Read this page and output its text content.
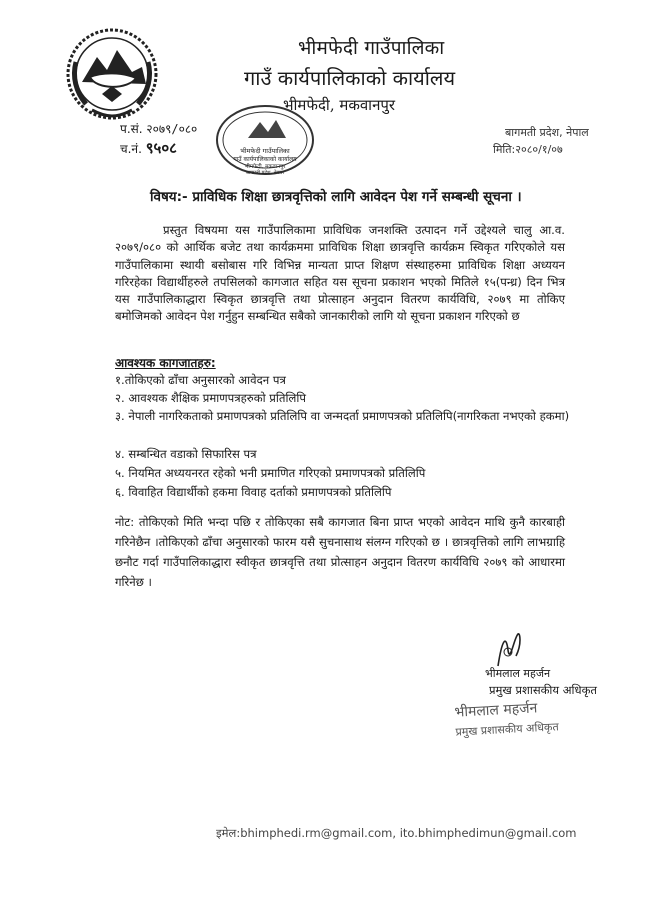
भीमफेदी गाउँपालिका
गाउँ कार्यपालिकाको कार्यालय
भीमफेदी, मकवानपुर
भीमफेदी गाउँपालिका
गाउँ कार्यपालिकाको कार्यालय
भीमफेदी, मकवानपुर
बागमती प्रदेश, नेपाल
प.सं. २०७९/०८०
च.नं. ९५०८
बागमती प्रदेश, नेपाल
मिति:२०८०/१/०७
विषय:- प्राविधिक शिक्षा छात्रवृत्तिको लागि आवेदन पेश गर्ने सम्बन्धी सूचना ।
प्रस्तुत विषयमा यस गाउँपालिकामा प्राविधिक जनशक्ति उत्पादन गर्ने उद्देश्यले चालु आ.व. २०७९/०८० को आर्थिक बजेट तथा कार्यक्रममा प्राविधिक शिक्षा छात्रवृत्ति कार्यक्रम स्विकृत गरिएकोले यस गाउँपालिकामा स्थायी बसोबास गरि विभिन्न मान्यता प्राप्त शिक्षण संस्थाहरुमा प्राविधिक शिक्षा अध्ययन गरिरहेका विद्यार्थीहरुले तपसिलको कागजात सहित यस सूचना प्रकाशन भएको मितिले १५(पन्ध्र) दिन भित्र यस गाउँपालिकाद्धारा स्विकृत छात्रवृत्ति तथा प्रोत्साहन अनुदान वितरण कार्यविधि, २०७९ मा तोकिए बमोजिमको आवेदन पेश गर्नुहुन सम्बन्धित सबैको जानकारीको लागि यो सूचना प्रकाशन गरिएको छ
आवश्यक कागजातहरु:
१.तोकिएको ढाँचा अनुसारको आवेदन पत्र
२. आवश्यक शैक्षिक प्रमाणपत्रहरुको प्रतिलिपि
३. नेपाली नागरिकताको प्रमाणपत्रको प्रतिलिपि वा जन्मदर्ता प्रमाणपत्रको प्रतिलिपि(नागरिकता नभएको हकमा)
४. सम्बन्धित वडाको सिफारिस पत्र
५. नियमित अध्ययनरत रहेको भनी प्रमाणित गरिएको प्रमाणपत्रको प्रतिलिपि
६. विवाहित विद्यार्थीको हकमा विवाह दर्ताको प्रमाणपत्रको प्रतिलिपि
नोट: तोकिएको मिति भन्दा पछि र तोकिएका सबै कागजात बिना प्राप्त भएको आवेदन माथि कुनै कारबाही गरिनेछैन ।तोकिएको ढाँचा अनुसारको फारम यसै सुचनासाथ संलग्न गरिएको छ । छात्रवृत्तिको लागि लाभग्राहि छनौट गर्दा गाउँपालिकाद्धारा स्वीकृत छात्रवृत्ति तथा प्रोत्साहन अनुदान वितरण कार्यविधि २०७९ को आधारमा गरिनेछ ।
भीमलाल महर्जन
प्रमुख प्रशासकीय अधिकृत
भीमलाल महर्जन
प्रमुख प्रशासकीय अधिकृत
इमेल:bhimphedi.rm@gmail.com, ito.bhimphedimun@gmail.com
